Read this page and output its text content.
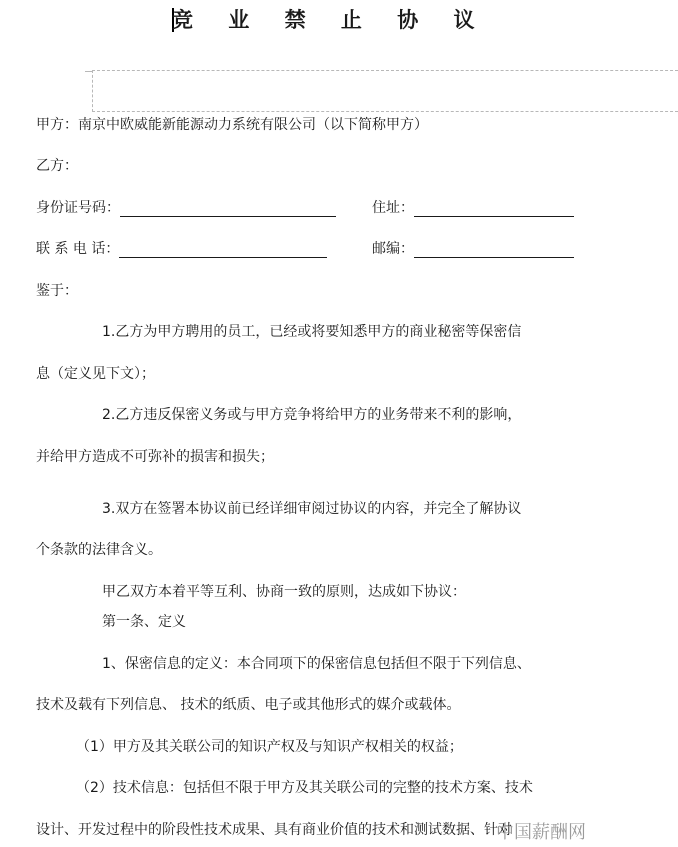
竞 业 禁 止 协 议
甲方：南京中欧威能新能源动力系统有限公司（以下简称甲方）
乙方：
身份证号码：	住址：
联 系 电 话：	邮编：
鉴于：
1.乙方为甲方聘用的员工，已经或将要知悉甲方的商业秘密等保密信
息（定义见下文）；
2.乙方违反保密义务或与甲方竞争将给甲方的业务带来不利的影响，
并给甲方造成不可弥补的损害和损失；
3.双方在签署本协议前已经详细审阅过协议的内容，并完全了解协议
个条款的法律含义。
甲乙双方本着平等互利、协商一致的原则，达成如下协议：
第一条、定义
1、保密信息的定义：本合同项下的保密信息包括但不限于下列信息、
技术及载有下列信息、 技术的纸质、电子或其他形式的媒介或载体。
（1）甲方及其关联公司的知识产权及与知识产权相关的权益；
（2）技术信息：包括但不限于甲方及其关联公司的完整的技术方案、技术
设计、开发过程中的阶段性技术成果、具有商业价值的技术和测试数据、针对
中国薪酬网
